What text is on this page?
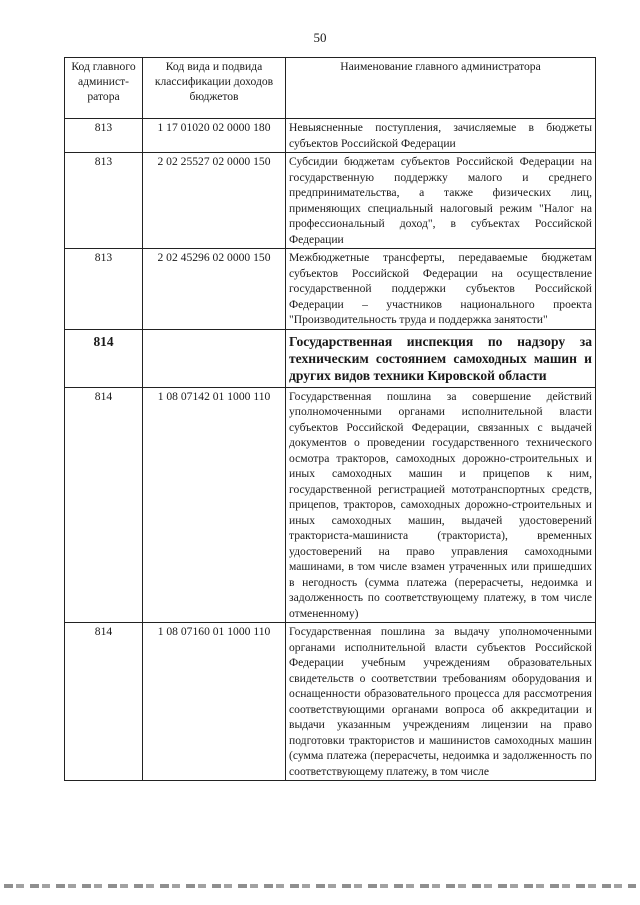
50
Код главного админист-ратора	Код вида и подвида классификации доходов бюджетов	Наименование главного администратора
813	1 17 01020 02 0000 180	Невыясненные поступления, зачисляемые в бюджеты субъектов Российской Федерации
813	2 02 25527 02 0000 150	Субсидии бюджетам субъектов Российской Федерации на государственную поддержку малого и среднего предпринимательства, а также физических лиц, применяющих специальный налоговый режим "Налог на профессиональный доход", в субъектах Российской Федерации
813	2 02 45296 02 0000 150	Межбюджетные трансферты, передаваемые бюджетам субъектов Российской Федерации на осуществление государственной поддержки субъектов Российской Федерации – участников национального проекта "Производительность труда и поддержка занятости"
814		Государственная инспекция по надзору за техническим состоянием самоходных машин и других видов техники Кировской области
814	1 08 07142 01 1000 110	Государственная пошлина за совершение действий уполномоченными органами исполнительной власти субъектов Российской Федерации, связанных с выдачей документов о проведении государственного технического осмотра тракторов, самоходных дорожно-строительных и иных самоходных машин и прицепов к ним, государственной регистрацией мототранспортных средств, прицепов, тракторов, самоходных дорожно-строительных и иных самоходных машин, выдачей удостоверений тракториста-машиниста (тракториста), временных удостоверений на право управления самоходными машинами, в том числе взамен утраченных или пришедших в негодность (сумма платежа (перерасчеты, недоимка и задолженность по соответствующему платежу, в том числе отмененному)
814	1 08 07160 01 1000 110	Государственная пошлина за выдачу уполномоченными органами исполнительной власти субъектов Российской Федерации учебным учреждениям образовательных свидетельств о соответствии требованиям оборудования и оснащенности образовательного процесса для рассмотрения соответствующими органами вопроса об аккредитации и выдачи указанным учреждениям лицензии на право подготовки трактористов и машинистов самоходных машин (сумма платежа (перерасчеты, недоимка и задолженность по соответствующему платежу, в том числе
